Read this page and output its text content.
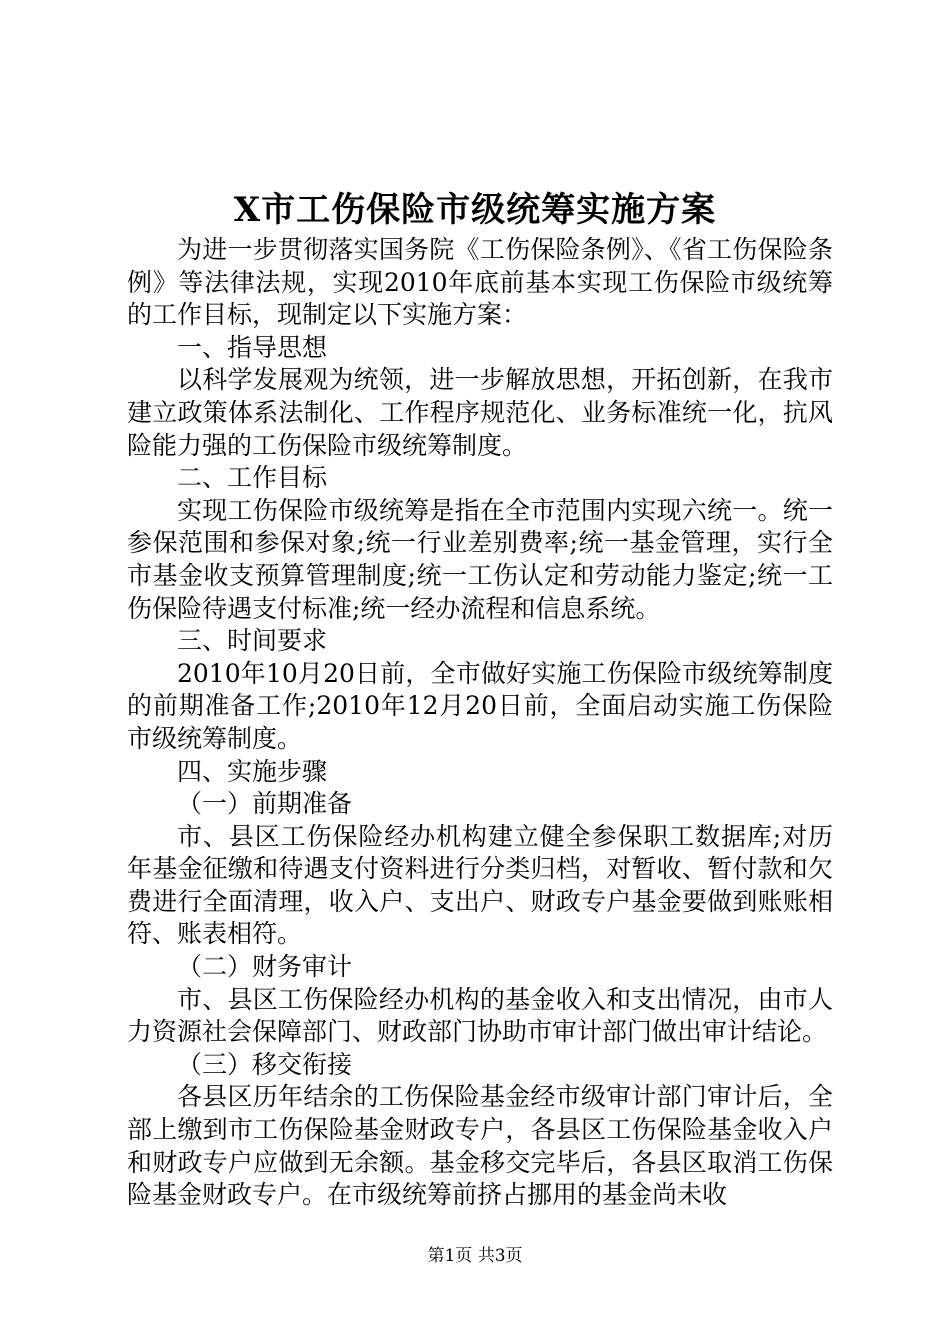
X市工伤保险市级统筹实施方案

为进一步贯彻落实国务院《工伤保险条例》、《省工伤保险条例》等法律法规，实现2010年底前基本实现工伤保险市级统筹的工作目标，现制定以下实施方案：

一、指导思想

以科学发展观为统领，进一步解放思想，开拓创新，在我市建立政策体系法制化、工作程序规范化、业务标准统一化，抗风险能力强的工伤保险市级统筹制度。

二、工作目标

实现工伤保险市级统筹是指在全市范围内实现六统一。统一参保范围和参保对象;统一行业差别费率;统一基金管理，实行全市基金收支预算管理制度;统一工伤认定和劳动能力鉴定;统一工伤保险待遇支付标准;统一经办流程和信息系统。

三、时间要求

2010年10月20日前，全市做好实施工伤保险市级统筹制度的前期准备工作;2010年12月20日前，全面启动实施工伤保险市级统筹制度。

四、实施步骤

（一）前期准备

市、县区工伤保险经办机构建立健全参保职工数据库;对历年基金征缴和待遇支付资料进行分类归档，对暂收、暂付款和欠费进行全面清理，收入户、支出户、财政专户基金要做到账账相符、账表相符。

（二）财务审计

市、县区工伤保险经办机构的基金收入和支出情况，由市人力资源社会保障部门、财政部门协助市审计部门做出审计结论。

（三）移交衔接

各县区历年结余的工伤保险基金经市级审计部门审计后，全部上缴到市工伤保险基金财政专户，各县区工伤保险基金收入户和财政专户应做到无余额。基金移交完毕后，各县区取消工伤保险基金财政专户。在市级统筹前挤占挪用的基金尚未收

第1页 共3页
